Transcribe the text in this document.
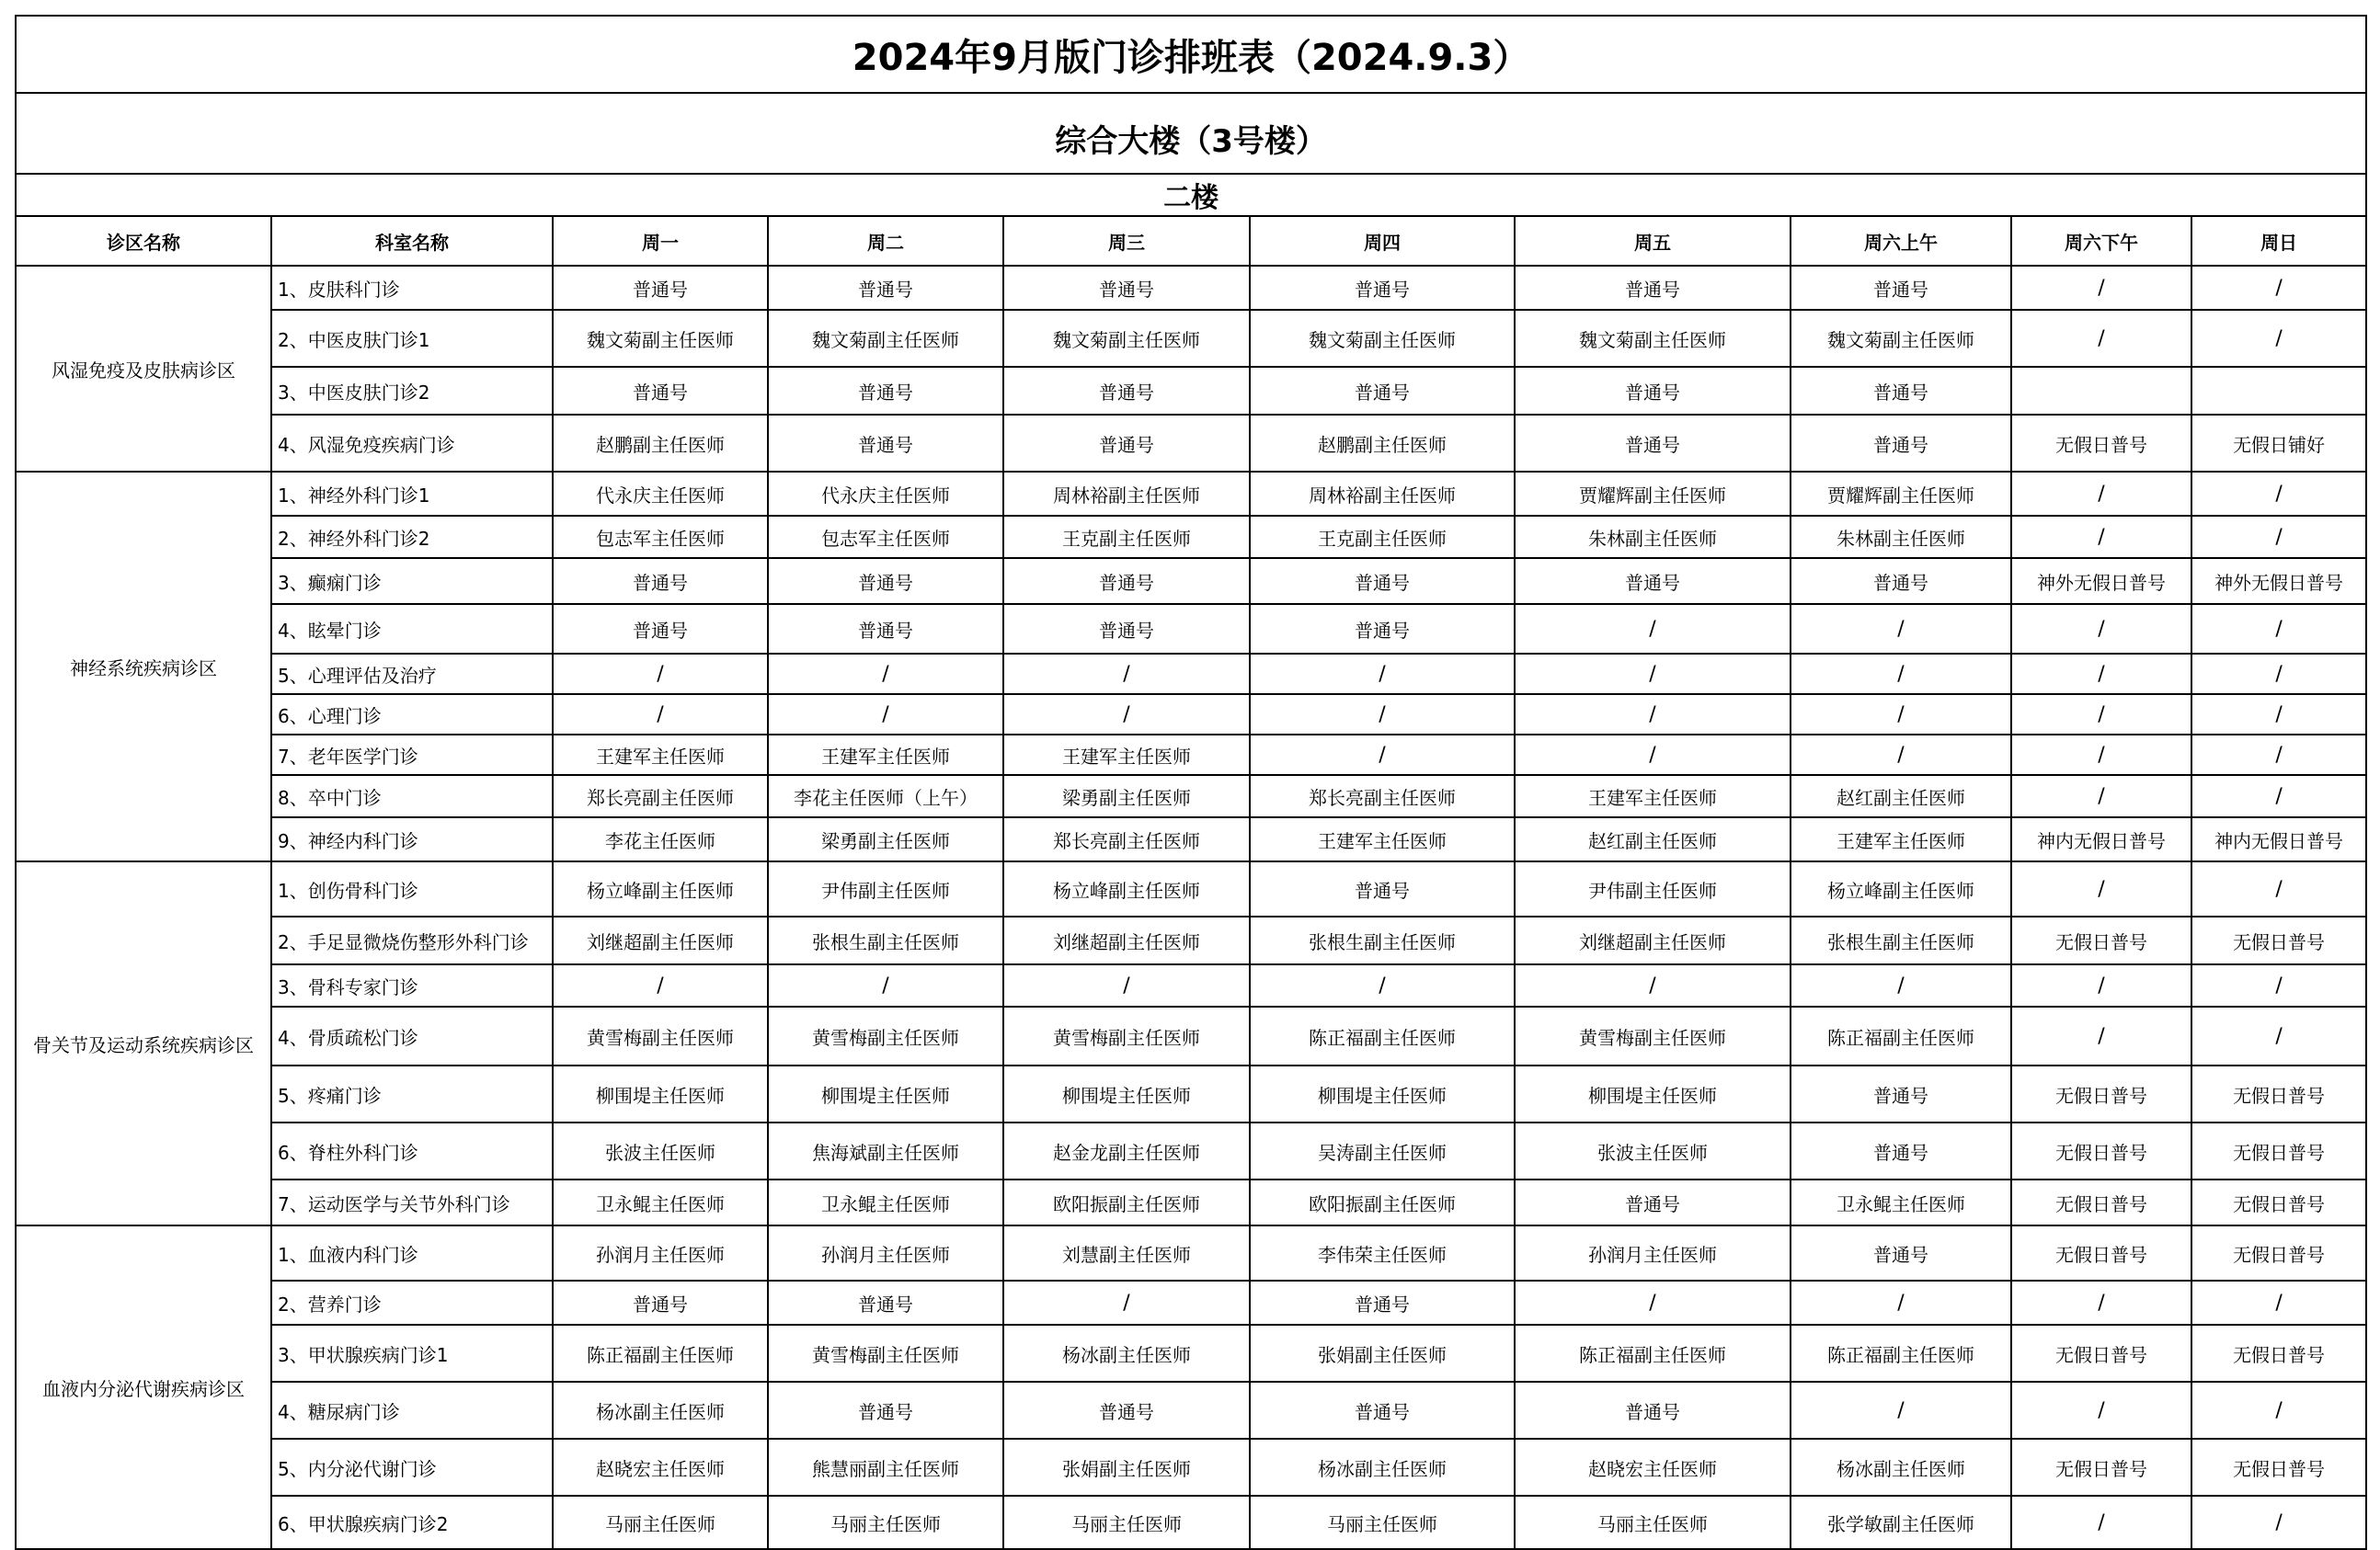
2024年9月版门诊排班表（2024.9.3）									
综合大楼（3号楼）									
二楼									
诊区名称	科室名称	周一	周二	周三	周四	周五	周六上午	周六下午	周日
风湿免疫及皮肤病诊区	1、皮肤科门诊	普通号	普通号	普通号	普通号	普通号	普通号	/	/
	2、中医皮肤门诊1	魏文菊副主任医师	魏文菊副主任医师	魏文菊副主任医师	魏文菊副主任医师	魏文菊副主任医师	魏文菊副主任医师	/	/
	3、中医皮肤门诊2	普通号	普通号	普通号	普通号	普通号	普通号		
	4、风湿免疫疾病门诊	赵鹏副主任医师	普通号	普通号	赵鹏副主任医师	普通号	普通号	无假日普号	无假日铺好
神经系统疾病诊区	1、神经外科门诊1	代永庆主任医师	代永庆主任医师	周林裕副主任医师	周林裕副主任医师	贾耀辉副主任医师	贾耀辉副主任医师	/	/
	2、神经外科门诊2	包志军主任医师	包志军主任医师	王克副主任医师	王克副主任医师	朱林副主任医师	朱林副主任医师	/	/
	3、癫痫门诊	普通号	普通号	普通号	普通号	普通号	普通号	神外无假日普号	神外无假日普号
	4、眩晕门诊	普通号	普通号	普通号	普通号	/	/	/	/
	5、心理评估及治疗	/	/	/	/	/	/	/	/
	6、心理门诊	/	/	/	/	/	/	/	/
	7、老年医学门诊	王建军主任医师	王建军主任医师	王建军主任医师	/	/	/	/	/
	8、卒中门诊	郑长亮副主任医师	李花主任医师（上午）	梁勇副主任医师	郑长亮副主任医师	王建军主任医师	赵红副主任医师	/	/
	9、神经内科门诊	李花主任医师	梁勇副主任医师	郑长亮副主任医师	王建军主任医师	赵红副主任医师	王建军主任医师	神内无假日普号	神内无假日普号
骨关节及运动系统疾病诊区	1、创伤骨科门诊	杨立峰副主任医师	尹伟副主任医师	杨立峰副主任医师	普通号	尹伟副主任医师	杨立峰副主任医师	/	/
	2、手足显微烧伤整形外科门诊	刘继超副主任医师	张根生副主任医师	刘继超副主任医师	张根生副主任医师	刘继超副主任医师	张根生副主任医师	无假日普号	无假日普号
	3、骨科专家门诊	/	/	/	/	/	/	/	/
	4、骨质疏松门诊	黄雪梅副主任医师	黄雪梅副主任医师	黄雪梅副主任医师	陈正福副主任医师	黄雪梅副主任医师	陈正福副主任医师	/	/
	5、疼痛门诊	柳围堤主任医师	柳围堤主任医师	柳围堤主任医师	柳围堤主任医师	柳围堤主任医师	普通号	无假日普号	无假日普号
	6、脊柱外科门诊	张波主任医师	焦海斌副主任医师	赵金龙副主任医师	吴涛副主任医师	张波主任医师	普通号	无假日普号	无假日普号
	7、运动医学与关节外科门诊	卫永鲲主任医师	卫永鲲主任医师	欧阳振副主任医师	欧阳振副主任医师	普通号	卫永鲲主任医师	无假日普号	无假日普号
血液内分泌代谢疾病诊区	1、血液内科门诊	孙润月主任医师	孙润月主任医师	刘慧副主任医师	李伟荣主任医师	孙润月主任医师	普通号	无假日普号	无假日普号
	2、营养门诊	普通号	普通号	/	普通号	/	/	/	/
	3、甲状腺疾病门诊1	陈正福副主任医师	黄雪梅副主任医师	杨冰副主任医师	张娟副主任医师	陈正福副主任医师	陈正福副主任医师	无假日普号	无假日普号
	4、糖尿病门诊	杨冰副主任医师	普通号	普通号	普通号	普通号	/	/	/
	5、内分泌代谢门诊	赵晓宏主任医师	熊慧丽副主任医师	张娟副主任医师	杨冰副主任医师	赵晓宏主任医师	杨冰副主任医师	无假日普号	无假日普号
	6、甲状腺疾病门诊2	马丽主任医师	马丽主任医师	马丽主任医师	马丽主任医师	马丽主任医师	张学敏副主任医师	/	/
